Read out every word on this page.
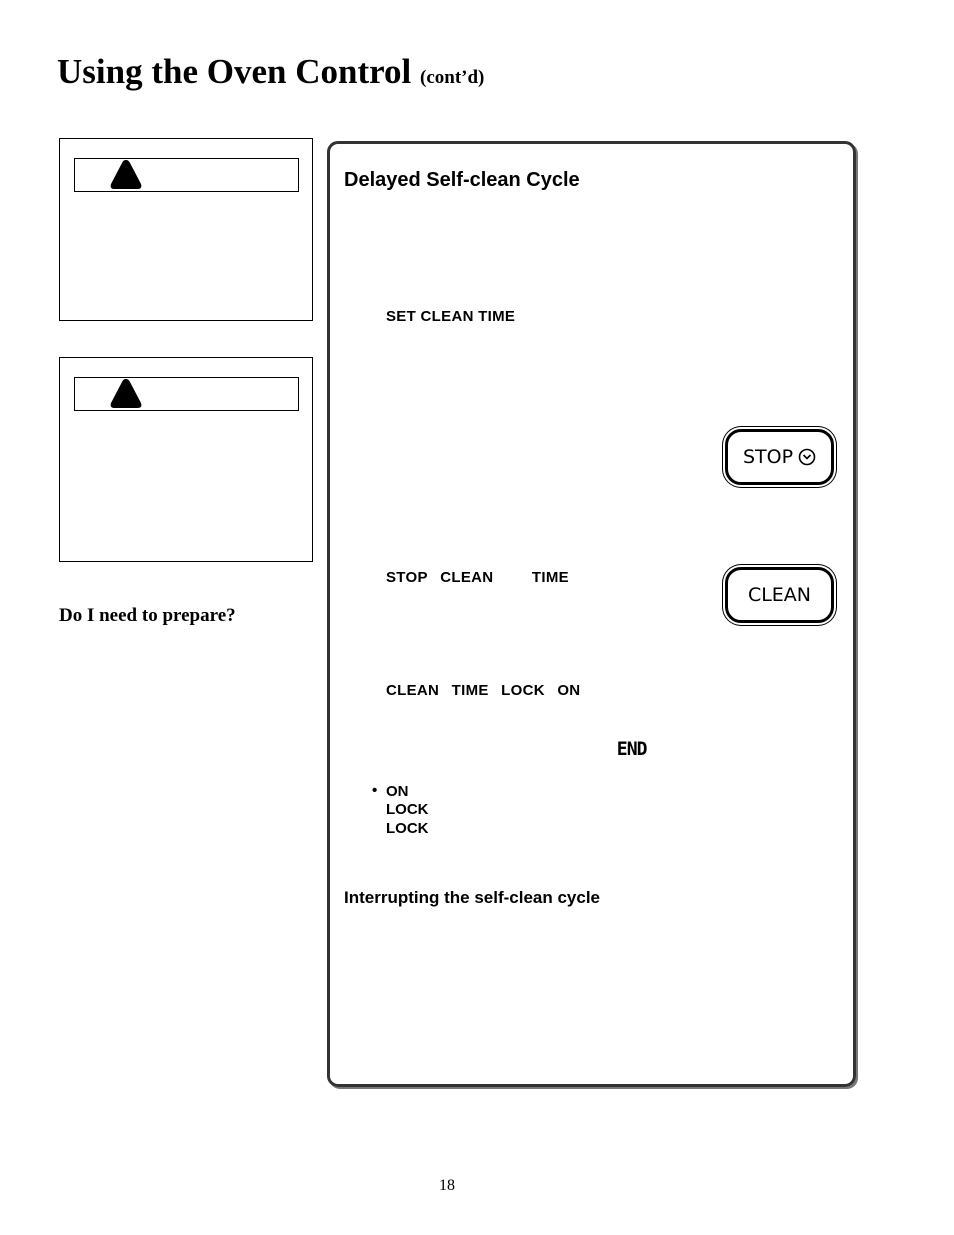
Using the Oven Control (cont’d)
Do I need to prepare?
Delayed Self-clean Cycle
SET CLEAN TIME
STOP CLEAN	TIME
CLEAN TIME LOCK ON
END
• ON
LOCK
LOCK
Interrupting the self-clean cycle
STOP
CLEAN
18
